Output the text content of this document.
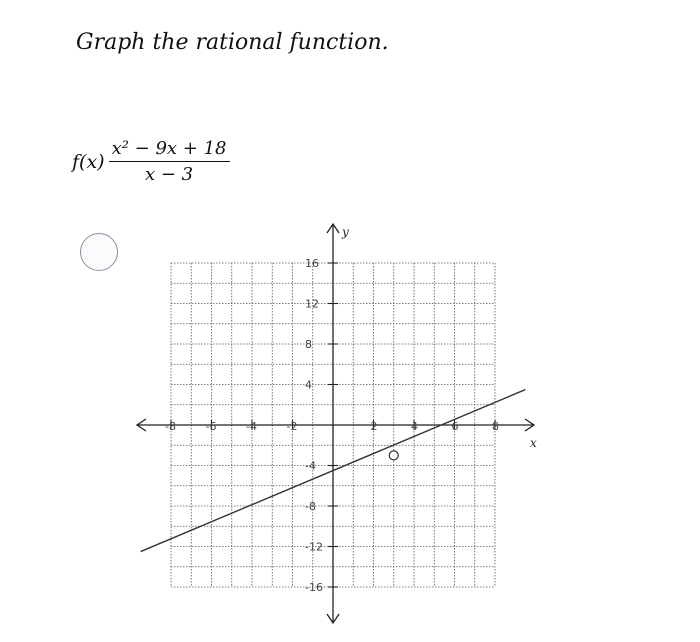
Graph the rational function.
$f(x) \frac{\text{x² − 9x + 18}}{x - 3}$
x
y
-8	-6	-4	-2	2	4	6	8
-16
-12
-8
-4
4
8
12
16
